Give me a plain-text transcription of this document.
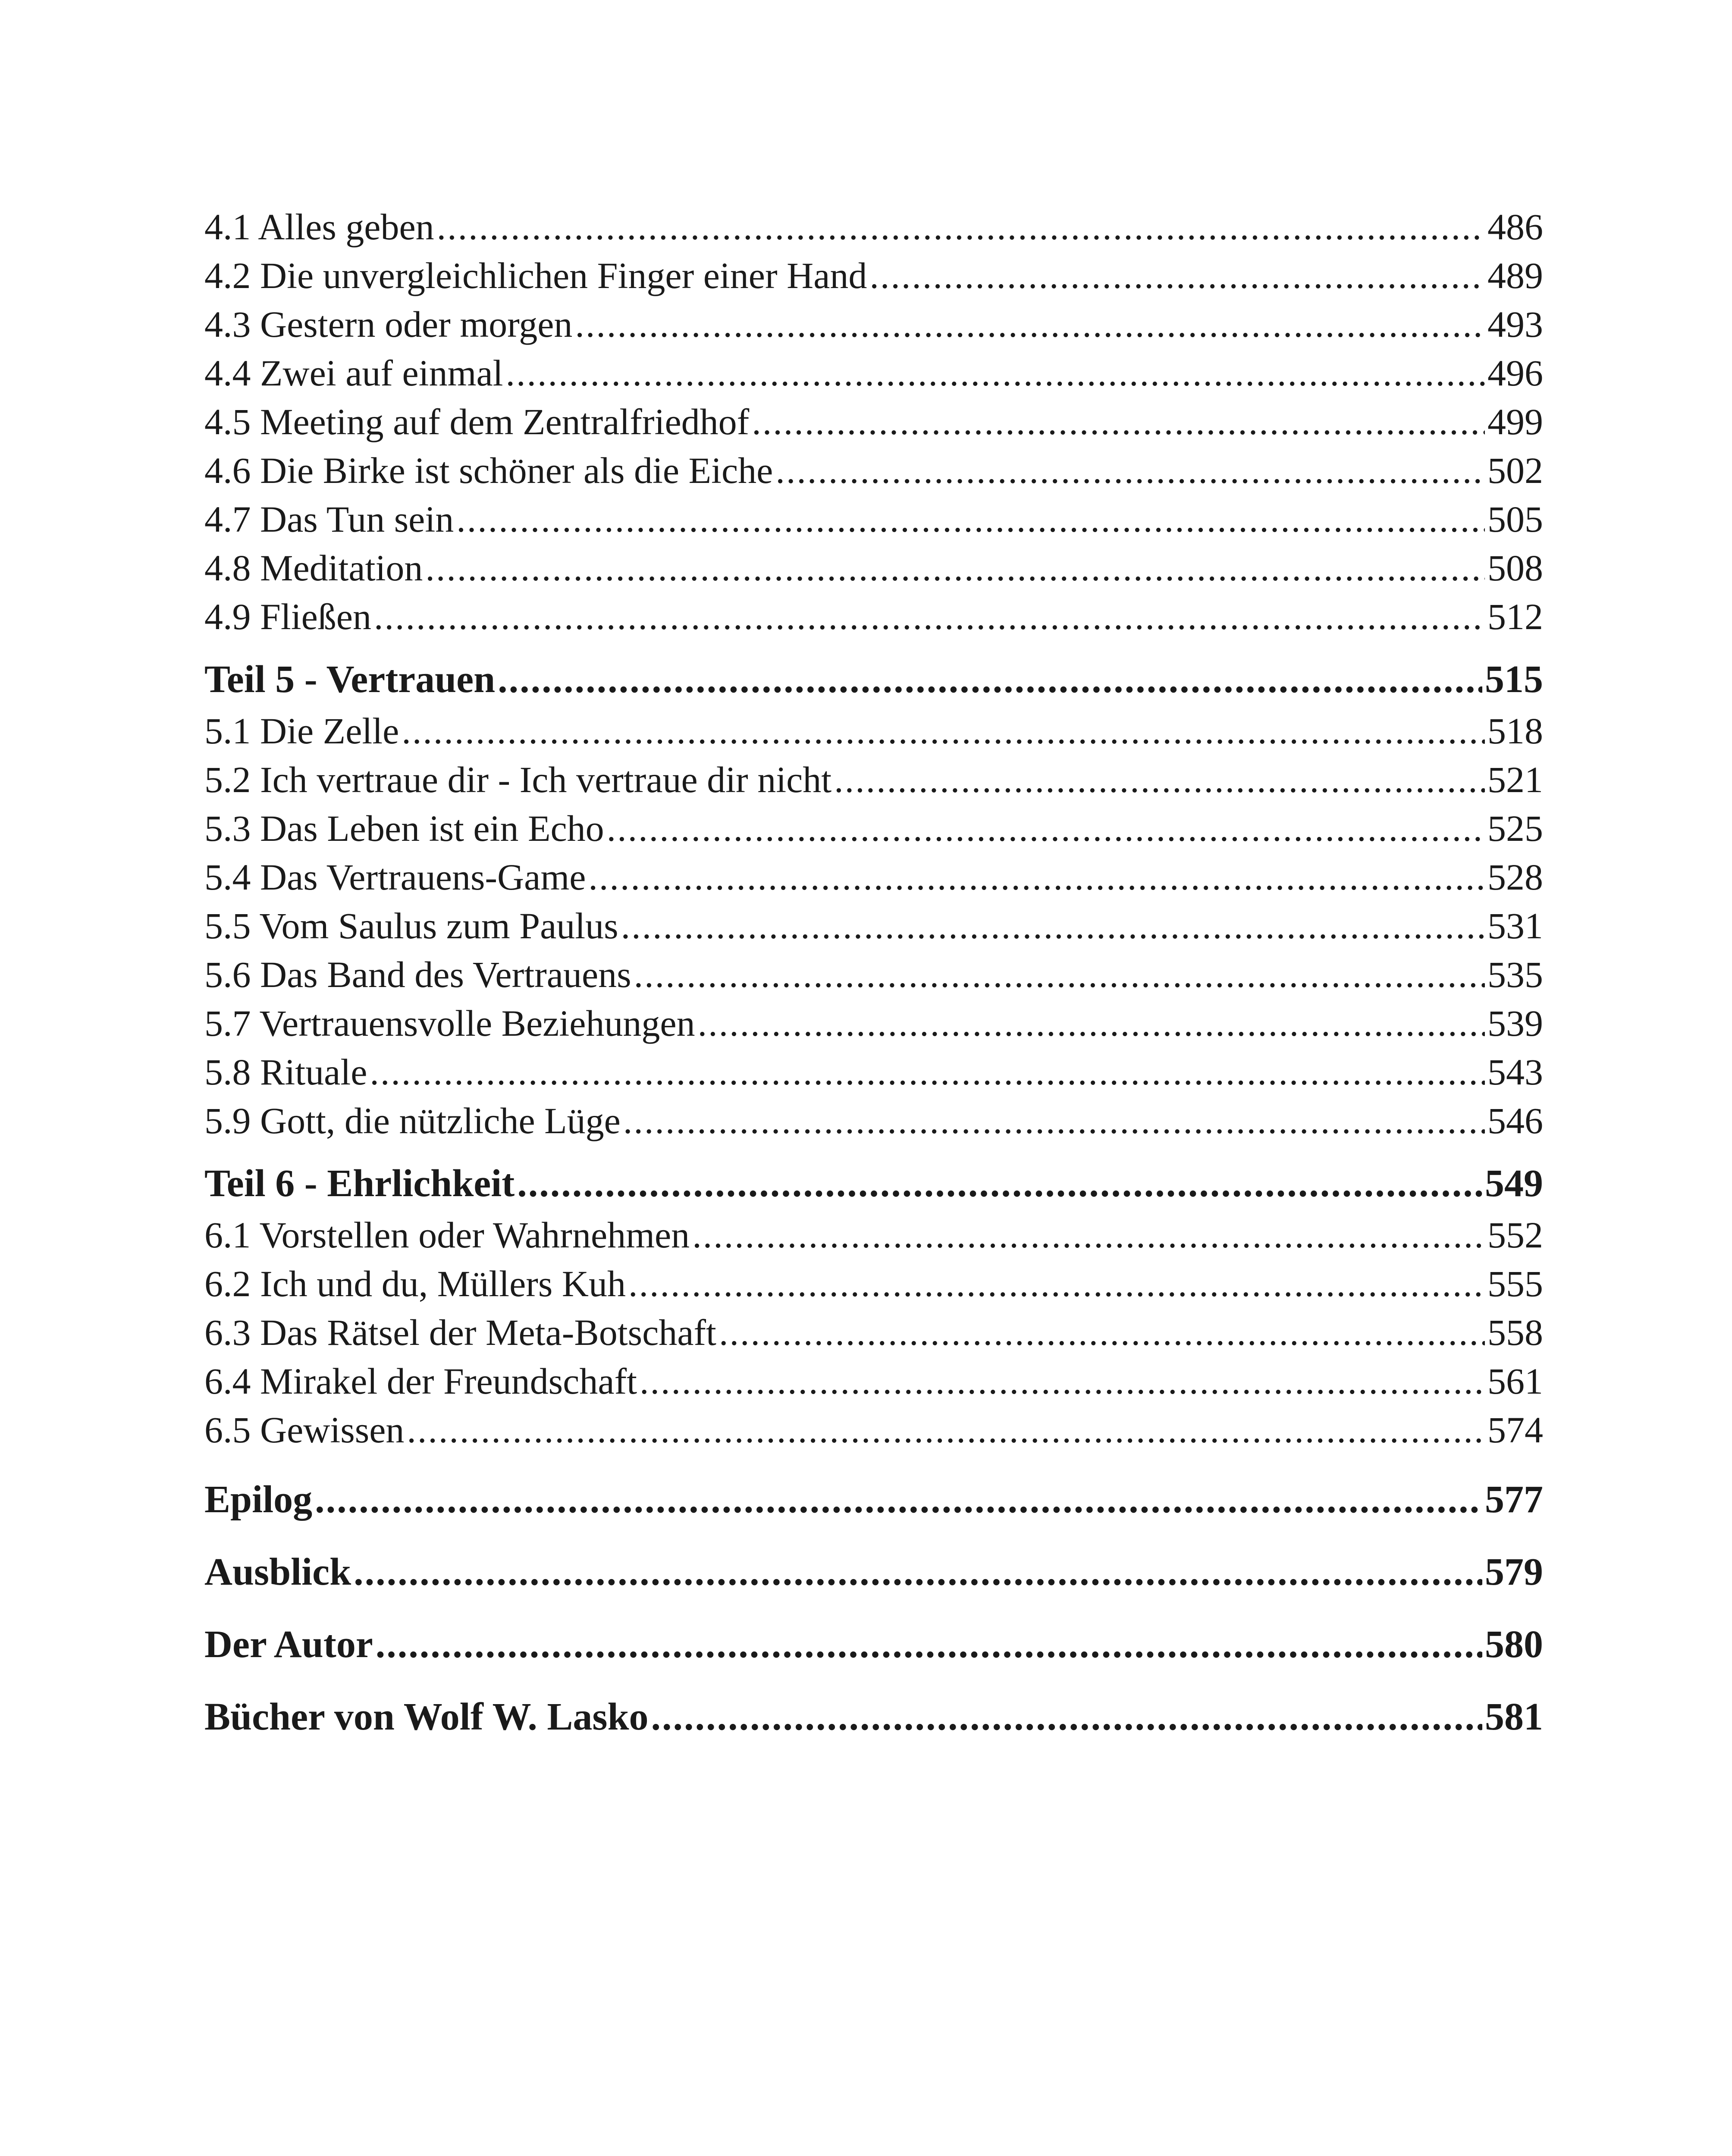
4.1 Alles geben .....	486
4.2 Die unvergleichlichen Finger einer Hand .....	489
4.3 Gestern oder morgen .....	493
4.4 Zwei auf einmal .....	496
4.5 Meeting auf dem Zentralfriedhof .....	499
4.6 Die Birke ist schöner als die Eiche .....	502
4.7 Das Tun sein .....	505
4.8 Meditation .....	508
4.9 Fließen .....	512
Teil 5 - Vertrauen .....	515
5.1 Die Zelle .....	518
5.2 Ich vertraue dir - Ich vertraue dir nicht .....	521
5.3 Das Leben ist ein Echo .....	525
5.4 Das Vertrauens-Game .....	528
5.5 Vom Saulus zum Paulus .....	531
5.6 Das Band des Vertrauens .....	535
5.7 Vertrauensvolle Beziehungen .....	539
5.8 Rituale .....	543
5.9 Gott, die nützliche Lüge .....	546
Teil 6 - Ehrlichkeit .....	549
6.1 Vorstellen oder Wahrnehmen .....	552
6.2 Ich und du, Müllers Kuh .....	555
6.3 Das Rätsel der Meta-Botschaft .....	558
6.4 Mirakel der Freundschaft .....	561
6.5 Gewissen .....	574
Epilog .....	577
Ausblick .....	579
Der Autor .....	580
Bücher von Wolf W. Lasko .....	581
